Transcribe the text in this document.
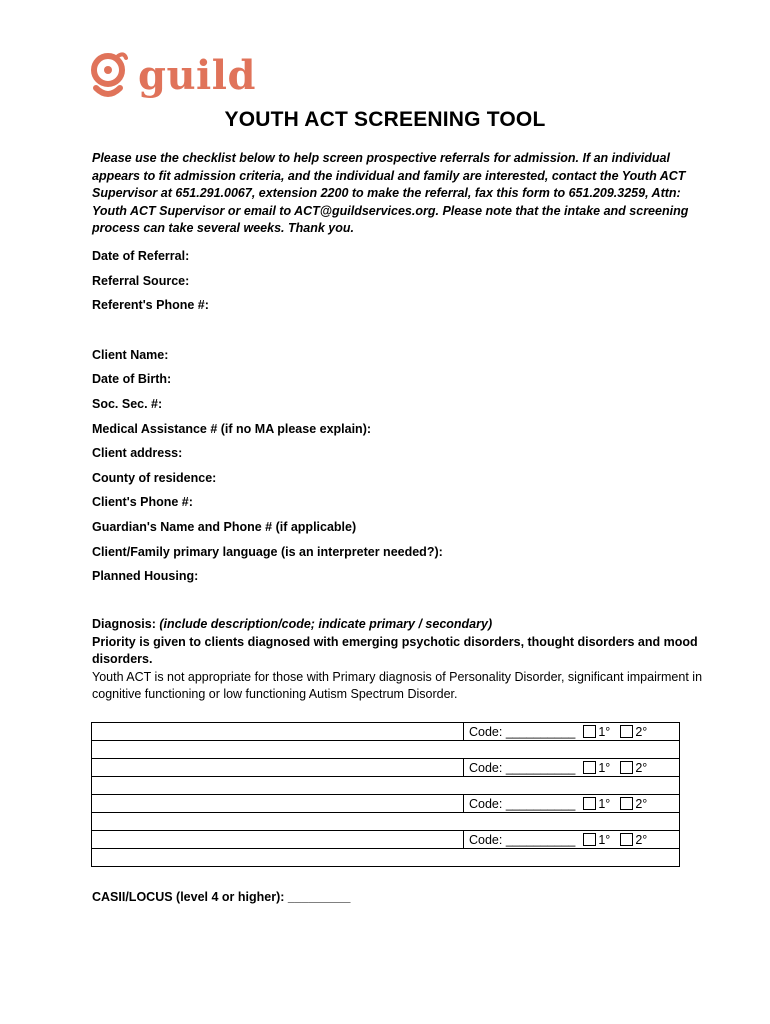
guild
YOUTH ACT SCREENING TOOL
Please use the checklist below to help screen prospective referrals for admission. If an individual appears to fit admission criteria, and the individual and family are interested, contact the Youth ACT Supervisor at 651.291.0067, extension 2200 to make the referral, fax this form to 651.209.3259, Attn: Youth ACT Supervisor or email to ACT@guildservices.org. Please note that the intake and screening process can take several weeks. Thank you.
Date of Referral:
Referral Source:
Referent's Phone #:
Client Name:
Date of Birth:
Soc. Sec. #:
Medical Assistance # (if no MA please explain):
Client address:
County of residence:
Client's Phone #:
Guardian's Name and Phone # (if applicable)
Client/Family primary language (is an interpreter needed?):
Planned Housing:
Diagnosis: (include description/code; indicate primary / secondary)
Priority is given to clients diagnosed with emerging psychotic disorders, thought disorders and mood disorders.
Youth ACT is not appropriate for those with Primary diagnosis of Personality Disorder, significant impairment in cognitive functioning or low functioning Autism Spectrum Disorder.
	Code: __________ 1° 2°

	Code: __________ 1° 2°

	Code: __________ 1° 2°

	Code: __________ 1° 2°

CASII/LOCUS (level 4 or higher): _________
